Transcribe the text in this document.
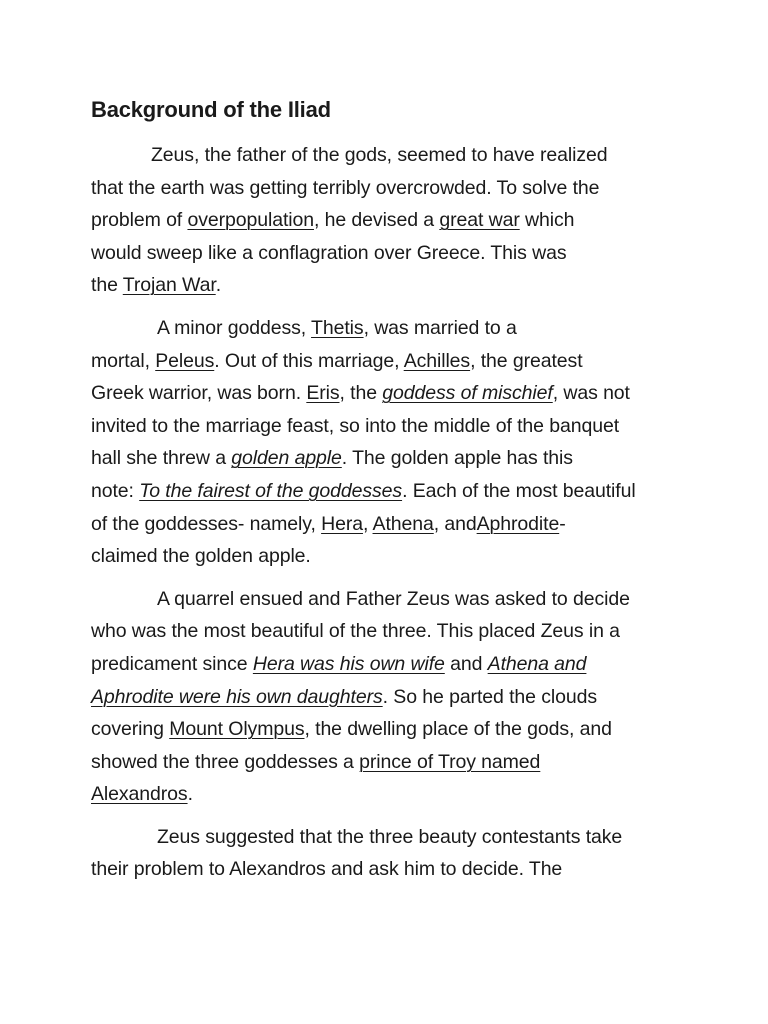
Background of the Iliad
Zeus, the father of the gods, seemed to have realized
that the earth was getting terribly overcrowded. To solve the
problem of overpopulation, he devised a great war which
would sweep like a conflagration over Greece. This was
the Trojan War.
A minor goddess, Thetis, was married to a
mortal, Peleus. Out of this marriage, Achilles, the greatest
Greek warrior, was born. Eris, the goddess of mischief, was not
invited to the marriage feast, so into the middle of the banquet
hall she threw a golden apple. The golden apple has this
note: To the fairest of the goddesses. Each of the most beautiful
of the goddesses- namely, Hera, Athena, andAphrodite-
claimed the golden apple.
A quarrel ensued and Father Zeus was asked to decide
who was the most beautiful of the three. This placed Zeus in a
predicament since Hera was his own wife and Athena and
Aphrodite were his own daughters. So he parted the clouds
covering Mount Olympus, the dwelling place of the gods, and
showed the three goddesses a prince of Troy named
Alexandros.
Zeus suggested that the three beauty contestants take
their problem to Alexandros and ask him to decide. The
